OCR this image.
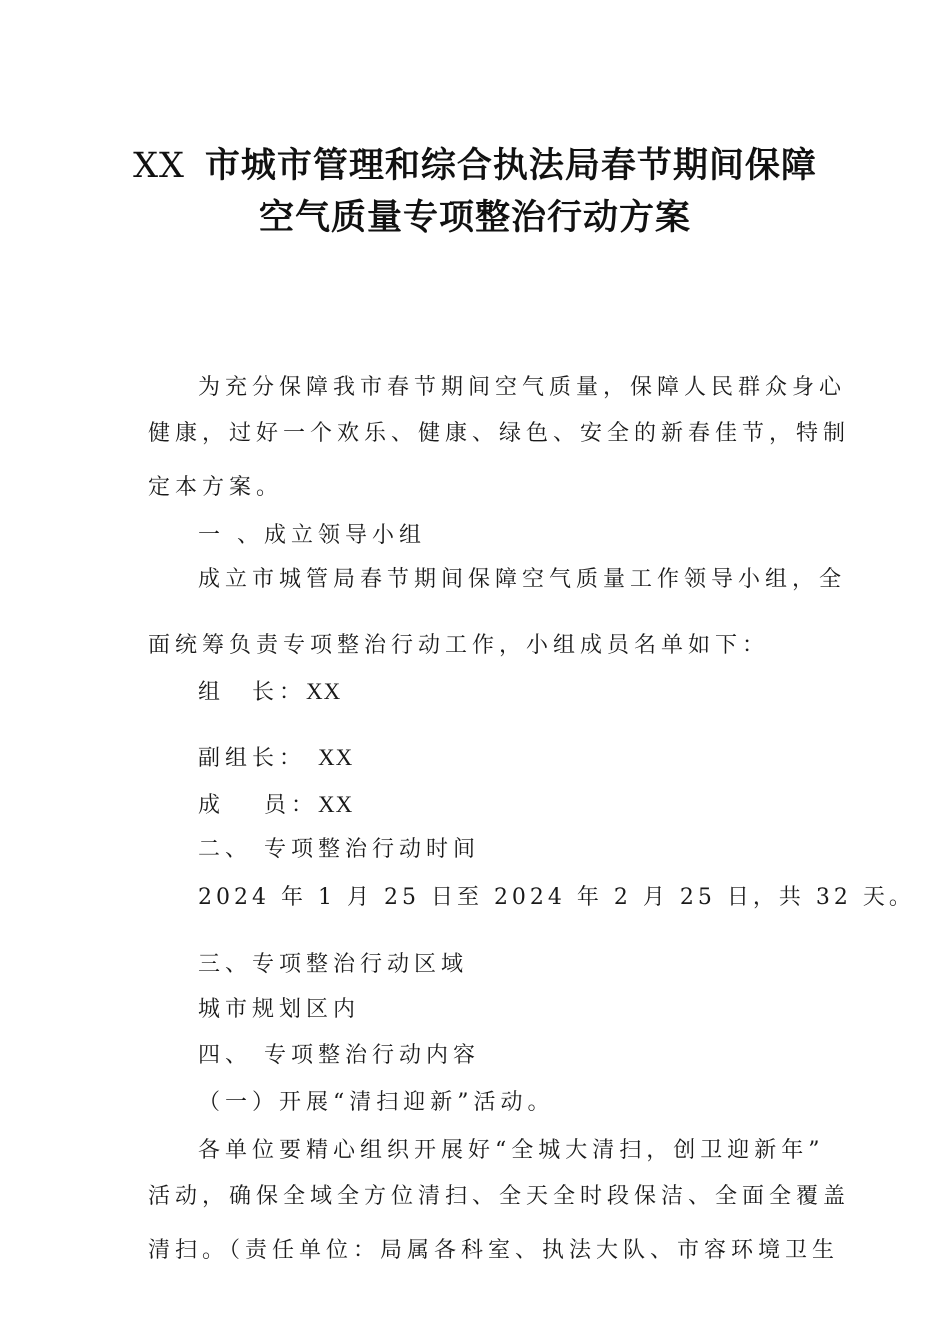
XX 市城市管理和综合执法局春节期间保障
空气质量专项整治行动方案
为充分保障我市春节期间空气质量，保障人民群众身心
健康，过好一个欢乐、健康、绿色、安全的新春佳节，特制
定本方案。
一 、成立领导小组
成立市城管局春节期间保障空气质量工作领导小组，全
面统筹负责专项整治行动工作，小组成员名单如下：
组　长：XX
副组长： XX
成　 员：XX
二、 专项整治行动时间
2024 年 1 月 25 日至 2024 年 2 月 25 日，共 32 天。
三、专项整治行动区域
城市规划区内
四、 专项整治行动内容
（一）开展“清扫迎新”活动。
各单位要精心组织开展好“全城大清扫，创卫迎新年”
活动，确保全域全方位清扫、全天全时段保洁、全面全覆盖
清扫。（责任单位：局属各科室、执法大队、市容环境卫生
